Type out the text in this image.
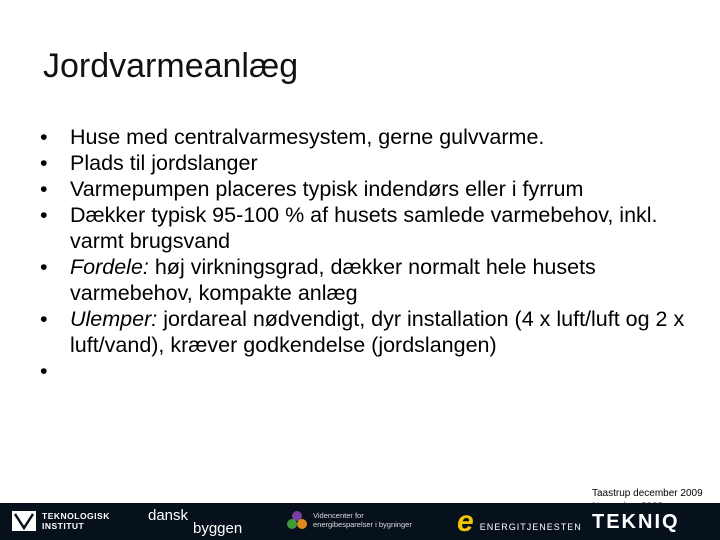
Jordvarmeanlæg
• Huse med centralvarmesystem, gerne gulvvarme.
• Plads til jordslanger
• Varmepumpen placeres typisk indendørs eller i fyrrum
• Dækker typisk 95-100 % af husets samlede varmebehov, inkl. varmt brugsvand
• Fordele: høj virkningsgrad, dækker normalt hele husets varmebehov, kompakte anlæg
• Ulemper: jordareal nødvendigt, dyr installation (4 x luft/luft og 2 x luft/vand), kræver godkendelse (jordslangen)
•
Taastrup december 2009
TEKNOLOGISK
INSTITUT
dansk
byggen
Videncenter for
energibesparelser i bygninger e ENERGITJENESTEN TEKNIQ
